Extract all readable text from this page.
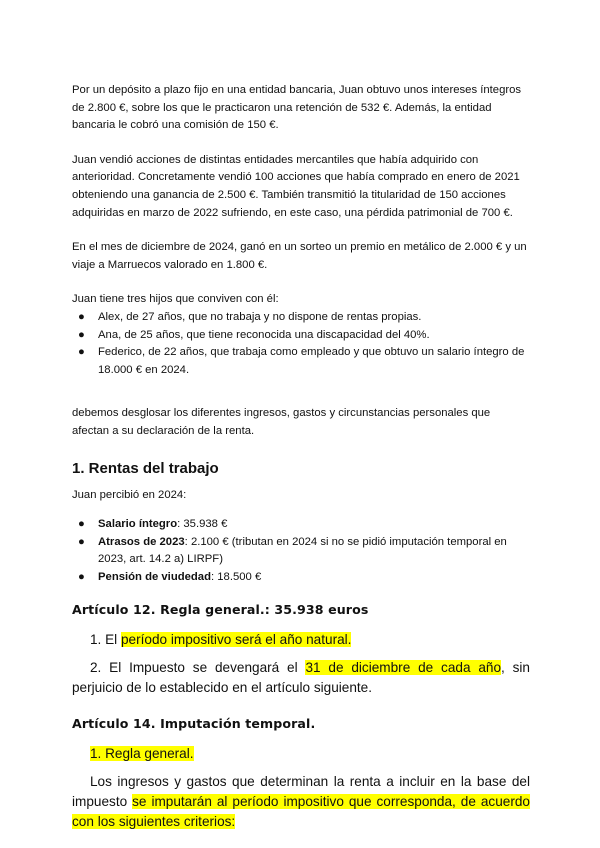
Por un depósito a plazo fijo en una entidad bancaria, Juan obtuvo unos intereses íntegros de 2.800 €, sobre los que le practicaron una retención de 532 €. Además, la entidad bancaria le cobró una comisión de 150 €.

Juan vendió acciones de distintas entidades mercantiles que había adquirido con anterioridad. Concretamente vendió 100 acciones que había comprado en enero de 2021 obteniendo una ganancia de 2.500 €. También transmitió la titularidad de 150 acciones adquiridas en marzo de 2022 sufriendo, en este caso, una pérdida patrimonial de 700 €.

En el mes de diciembre de 2024, ganó en un sorteo un premio en metálico de 2.000 € y un viaje a Marruecos valorado en 1.800 €.

Juan tiene tres hijos que conviven con él:

● Alex, de 27 años, que no trabaja y no dispone de rentas propias.
● Ana, de 25 años, que tiene reconocida una discapacidad del 40%.
● Federico, de 22 años, que trabaja como empleado y que obtuvo un salario íntegro de 18.000 € en 2024.

debemos desglosar los diferentes ingresos, gastos y circunstancias personales que afectan a su declaración de la renta.

1. Rentas del trabajo

Juan percibió en 2024:

● Salario íntegro: 35.938 €
● Atrasos de 2023: 2.100 € (tributan en 2024 si no se pidió imputación temporal en 2023, art. 14.2 a) LIRPF)
● Pensión de viudedad: 18.500 €
Artículo 12. Regla general.: 35.938 euros

1. El período impositivo será el año natural.

2. El Impuesto se devengará el 31 de diciembre de cada año, sin perjuicio de lo establecido en el artículo siguiente.

Artículo 14. Imputación temporal.

1. Regla general.

Los ingresos y gastos que determinan la renta a incluir en la base del impuesto se imputarán al período impositivo que corresponda, de acuerdo con los siguientes criterios:
